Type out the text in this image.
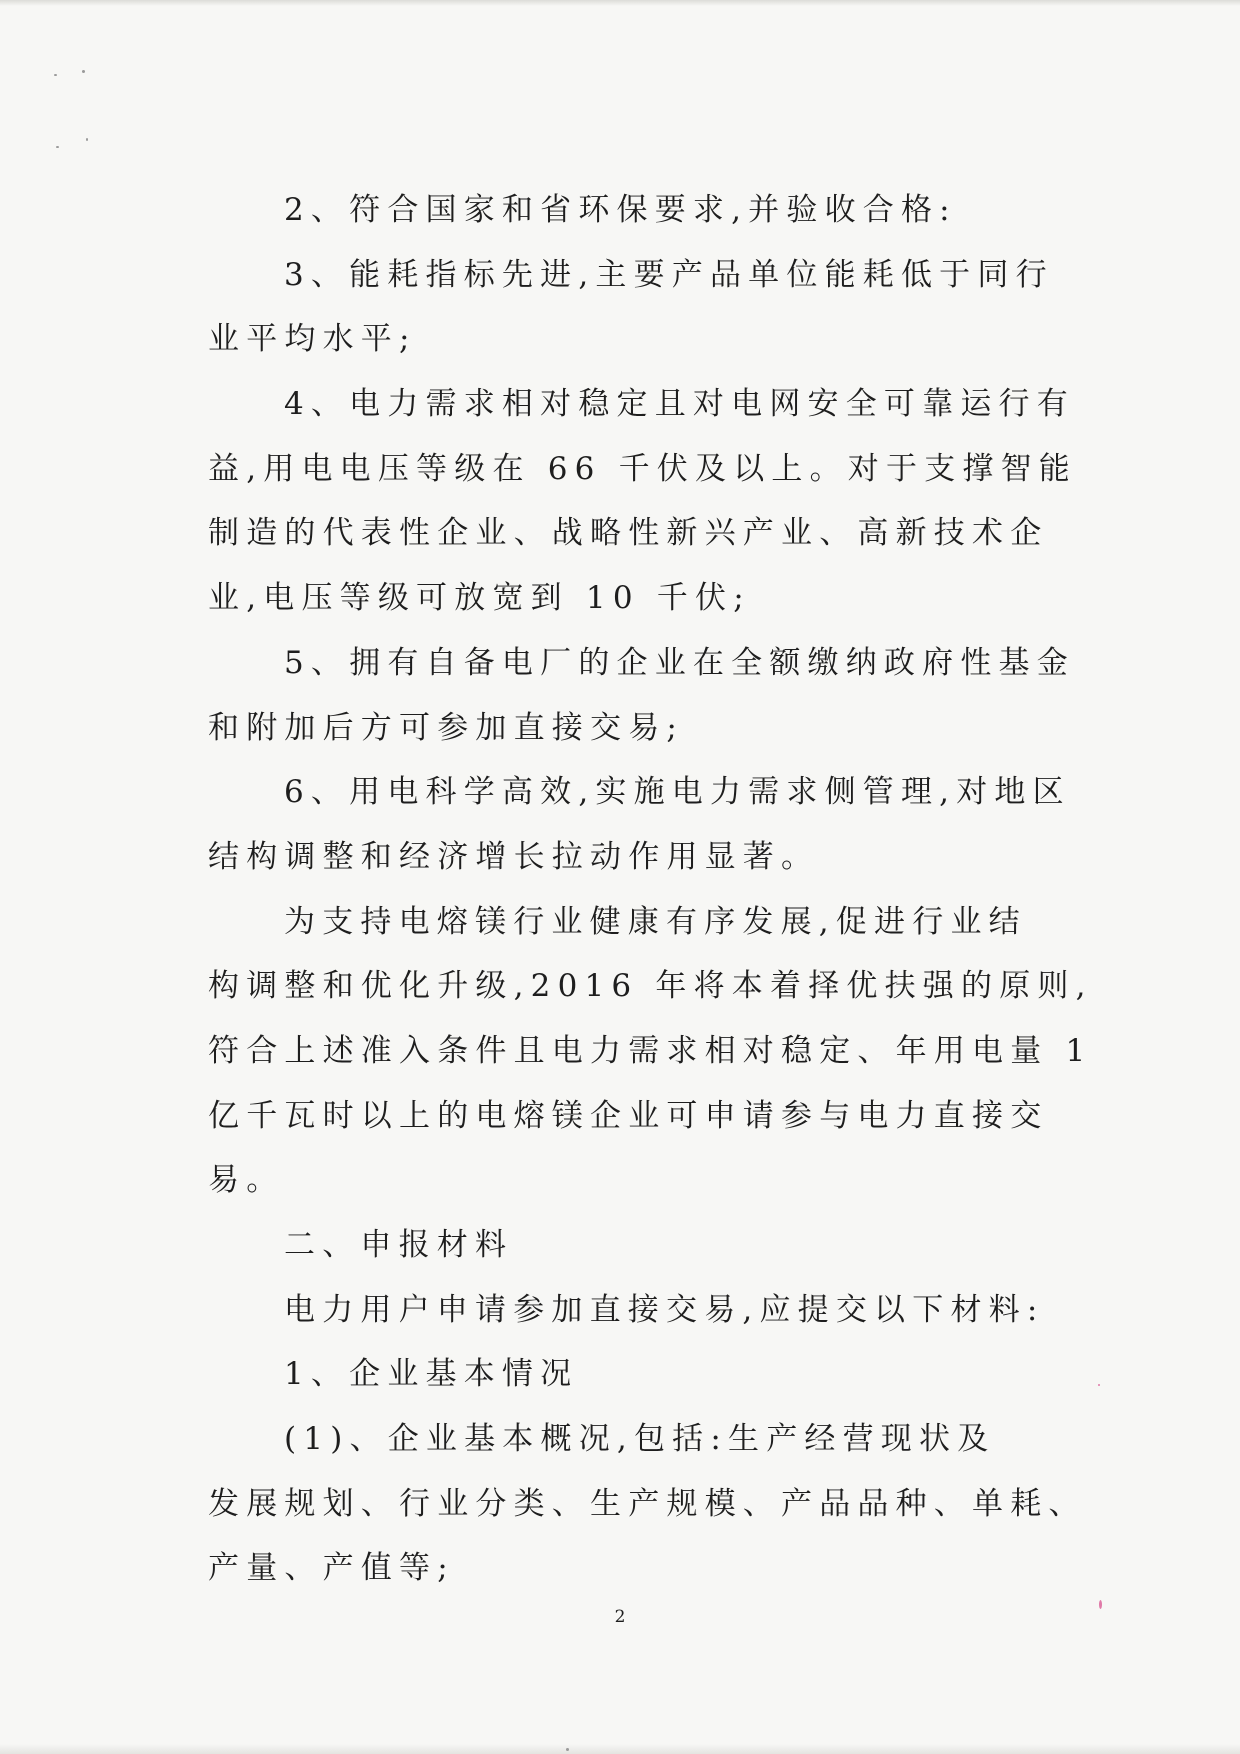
2、符合国家和省环保要求,并验收合格:
3、能耗指标先进,主要产品单位能耗低于同行
业平均水平;
4、电力需求相对稳定且对电网安全可靠运行有
益,用电电压等级在 66 千伏及以上。对于支撑智能
制造的代表性企业、战略性新兴产业、高新技术企
业,电压等级可放宽到 10 千伏;
5、拥有自备电厂的企业在全额缴纳政府性基金
和附加后方可参加直接交易;
6、用电科学高效,实施电力需求侧管理,对地区
结构调整和经济增长拉动作用显著。
为支持电熔镁行业健康有序发展,促进行业结
构调整和优化升级,2016 年将本着择优扶强的原则,
符合上述准入条件且电力需求相对稳定、年用电量 1
亿千瓦时以上的电熔镁企业可申请参与电力直接交
易。
二、申报材料
电力用户申请参加直接交易,应提交以下材料:
1、企业基本情况
(1)、企业基本概况,包括:生产经营现状及
发展规划、行业分类、生产规模、产品品种、单耗、
产量、产值等;
2
